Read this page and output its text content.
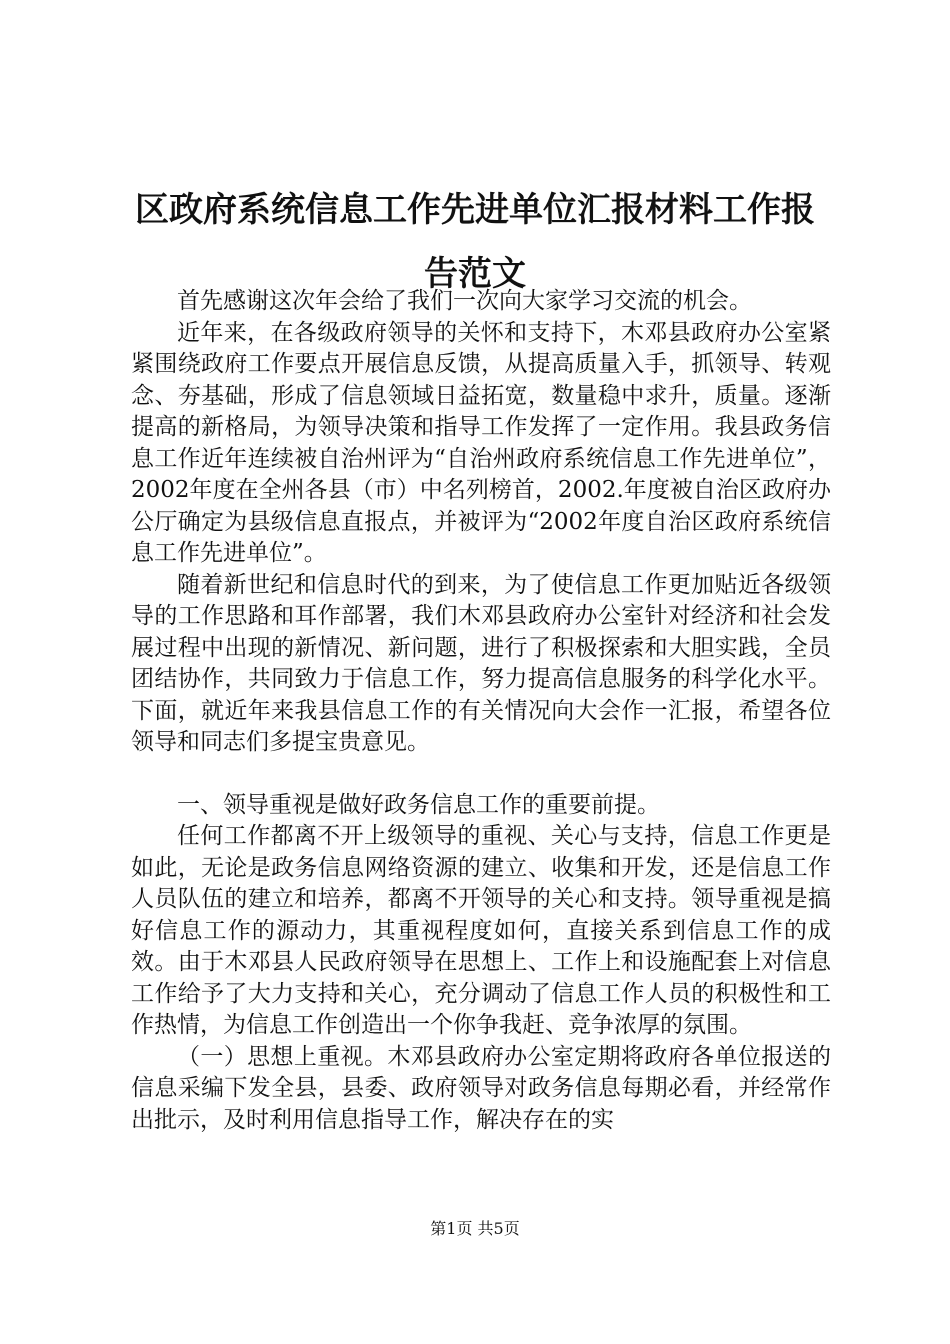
区政府系统信息工作先进单位汇报材料工作报告范文

首先感谢这次年会给了我们一次向大家学习交流的机会。

近年来，在各级政府领导的关怀和支持下，木邓县政府办公室紧紧围绕政府工作要点开展信息反馈，从提高质量入手，抓领导、转观念、夯基础，形成了信息领域日益拓宽，数量稳中求升，质量。逐渐提高的新格局，为领导决策和指导工作发挥了一定作用。我县政务信息工作近年连续被自治州评为“自治州政府系统信息工作先进单位”，2002年度在全州各县（市）中名列榜首，2002.年度被自治区政府办公厅确定为县级信息直报点，并被评为“2002年度自治区政府系统信息工作先进单位”。

随着新世纪和信息时代的到来，为了使信息工作更加贴近各级领导的工作思路和耳作部署，我们木邓县政府办公室针对经济和社会发展过程中出现的新情况、新问题，进行了积极探索和大胆实践，全员团结协作，共同致力于信息工作，努力提高信息服务的科学化水平。下面，就近年来我县信息工作的有关情况向大会作一汇报，希望各位领导和同志们多提宝贵意见。

一、领导重视是做好政务信息工作的重要前提。

任何工作都离不开上级领导的重视、关心与支持，信息工作更是如此，无论是政务信息网络资源的建立、收集和开发，还是信息工作人员队伍的建立和培养，都离不开领导的关心和支持。领导重视是搞好信息工作的源动力，其重视程度如何，直接关系到信息工作的成效。由于木邓县人民政府领导在思想上、工作上和设施配套上对信息工作给予了大力支持和关心，充分调动了信息工作人员的积极性和工作热情，为信息工作创造出一个你争我赶、竞争浓厚的氛围。

（一）思想上重视。木邓县政府办公室定期将政府各单位报送的信息采编下发全县，县委、政府领导对政务信息每期必看，并经常作出批示，及时利用信息指导工作，解决存在的实

第1页 共5页
